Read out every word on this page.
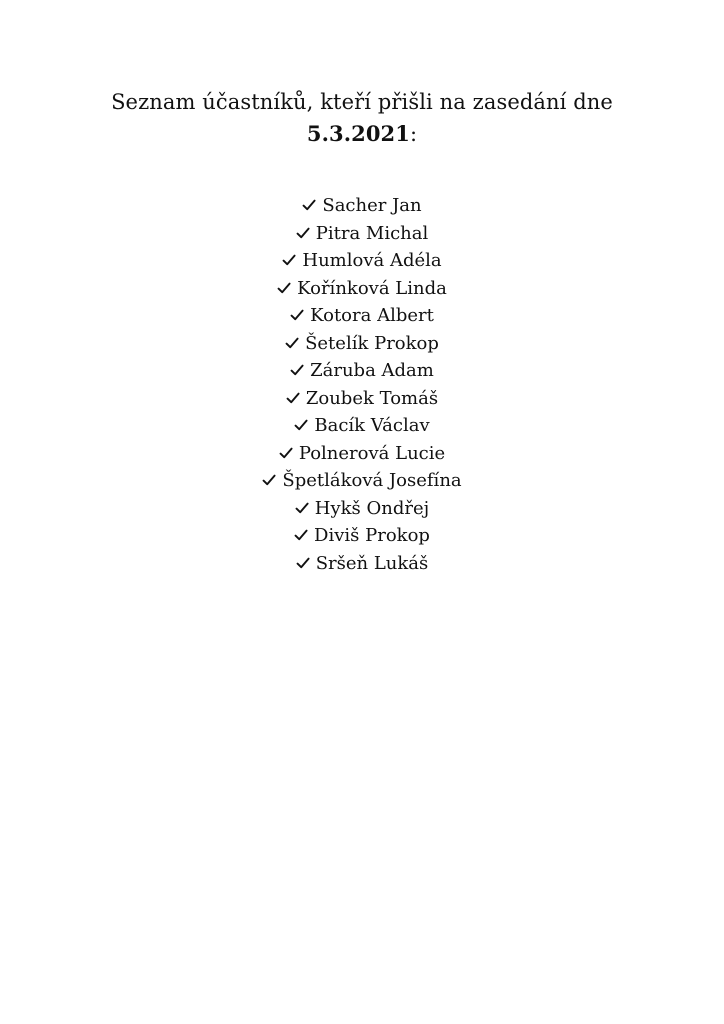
Seznam účastníků, kteří přišli na zasedání dne
5.3.2021:
Sacher Jan
Pitra Michal
Humlová Adéla
Kořínková Linda
Kotora Albert
Šetelík Prokop
Záruba Adam
Zoubek Tomáš
Bacík Václav
Polnerová Lucie
Špetláková Josefína
Hykš Ondřej
Diviš Prokop
Sršeň Lukáš
